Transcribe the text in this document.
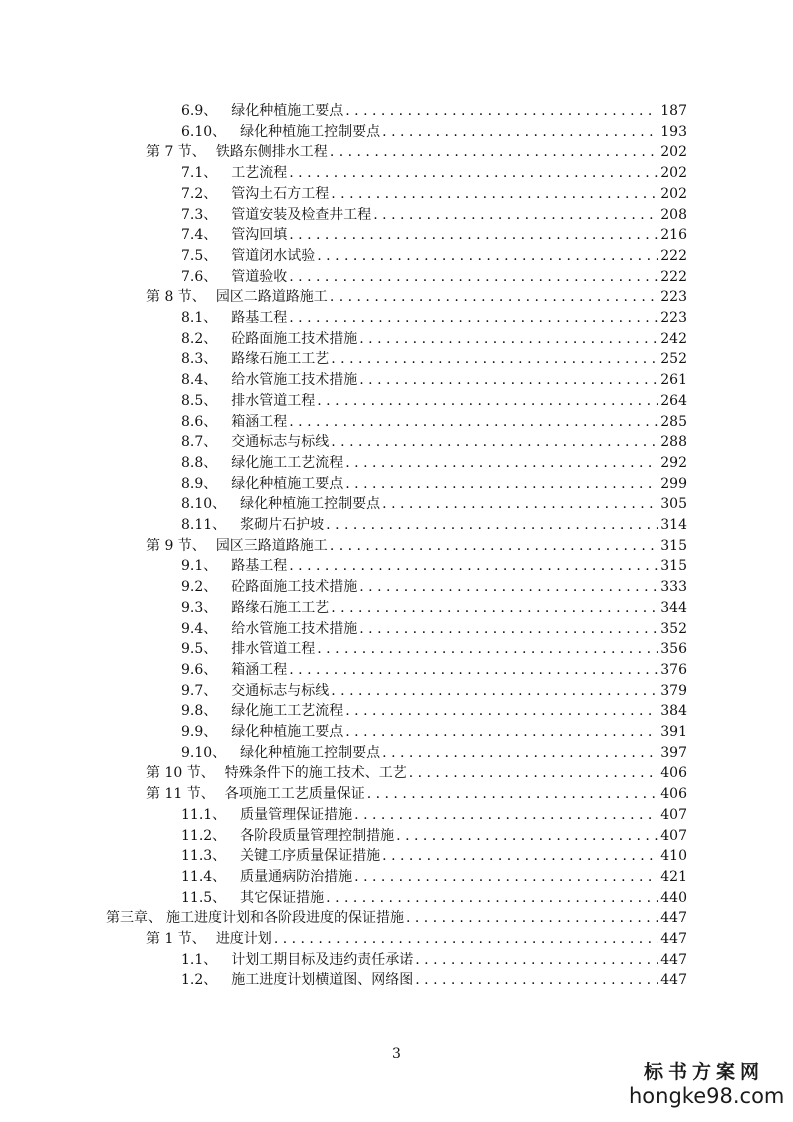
6.9、 绿化种植施工要点 . . .	187
6.10、 绿化种植施工控制要点 . . .	193
第 7 节、 铁路东侧排水工程 . . .	202
7.1、 工艺流程 . . .	202
7.2、 管沟土石方工程 . . .	202
7.3、 管道安装及检查井工程 . . .	208
7.4、 管沟回填 . . .	216
7.5、 管道闭水试验 . . .	222
7.6、 管道验收 . . .	222
第 8 节、 园区二路道路施工 . . .	223
8.1、 路基工程 . . .	223
8.2、 砼路面施工技术措施 . . .	242
8.3、 路缘石施工工艺 . . .	252
8.4、 给水管施工技术措施 . . .	261
8.5、 排水管道工程 . . .	264
8.6、 箱涵工程 . . .	285
8.7、 交通标志与标线 . . .	288
8.8、 绿化施工工艺流程 . . .	292
8.9、 绿化种植施工要点 . . .	299
8.10、 绿化种植施工控制要点 . . .	305
8.11、 浆砌片石护坡 . . .	314
第 9 节、 园区三路道路施工 . . .	315
9.1、 路基工程 . . .	315
9.2、 砼路面施工技术措施 . . .	333
9.3、 路缘石施工工艺 . . .	344
9.4、 给水管施工技术措施 . . .	352
9.5、 排水管道工程 . . .	356
9.6、 箱涵工程 . . .	376
9.7、 交通标志与标线 . . .	379
9.8、 绿化施工工艺流程 . . .	384
9.9、 绿化种植施工要点 . . .	391
9.10、 绿化种植施工控制要点 . . .	397
第 10 节、 特殊条件下的施工技术、工艺 . . .	406
第 11 节、 各项施工工艺质量保证 . . .	406
11.1、 质量管理保证措施 . . .	407
11.2、 各阶段质量管理控制措施 . . .	407
11.3、 关键工序质量保证措施 . . .	410
11.4、 质量通病防治措施 . . .	421
11.5、 其它保证措施 . . .	440
第三章、 施工进度计划和各阶段进度的保证措施 . . .	447
第 1 节、 进度计划 . . .	447
1.1、 计划工期目标及违约责任承诺 . . .	447
1.2、 施工进度计划横道图、网络图 . . .	447
3
标书方案网
hongke98.com
